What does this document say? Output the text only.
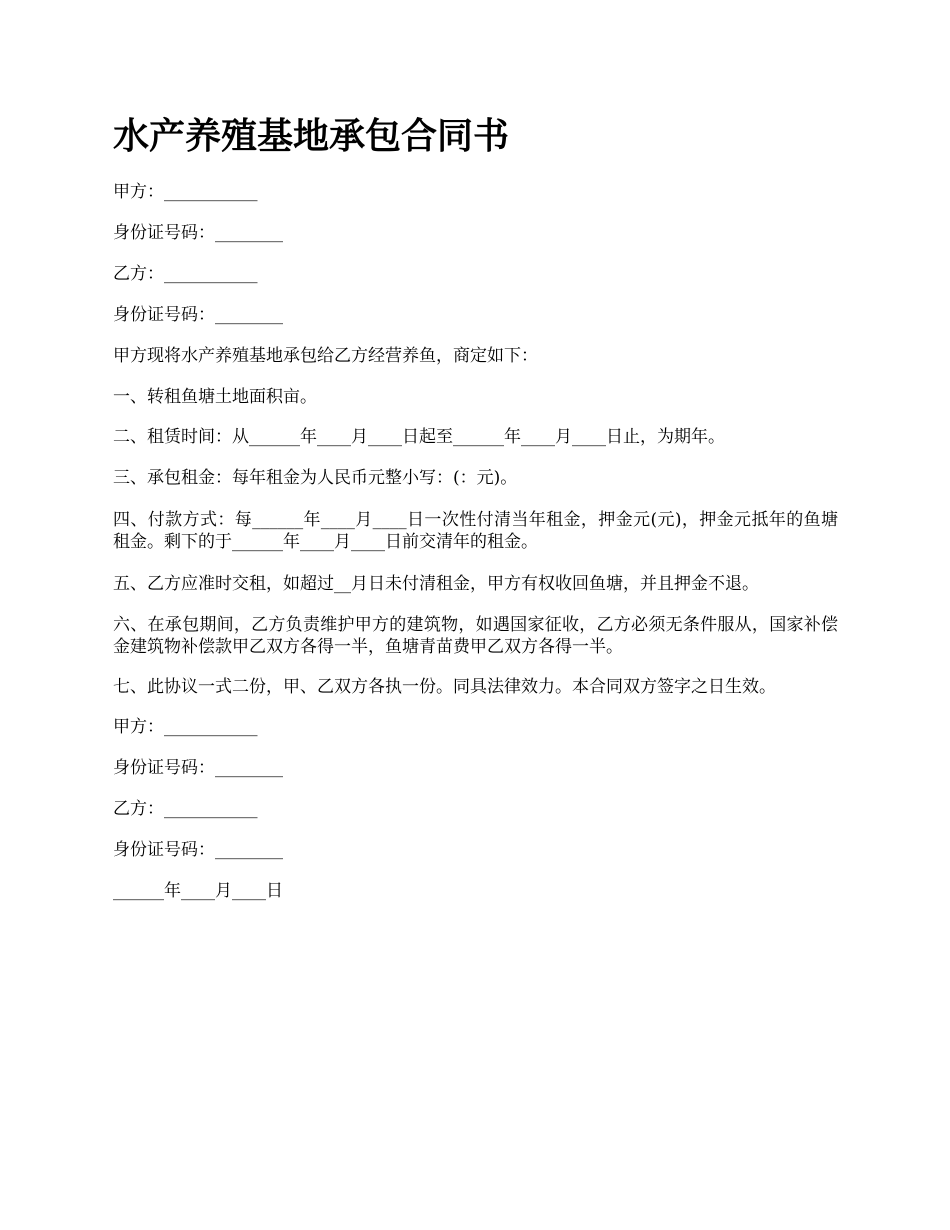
水产养殖基地承包合同书

甲方：___________

身份证号码：________

乙方：___________

身份证号码：________

甲方现将水产养殖基地承包给乙方经营养鱼，商定如下：

一、转租鱼塘土地面积亩。

二、租赁时间：从______年____月____日起至______年____月____日止，为期年。

三、承包租金：每年租金为人民币元整小写：(：元)。

四、付款方式：每______年____月____日一次性付清当年租金，押金元(元)，押金元抵年的鱼塘租金。剩下的于______年____月____日前交清年的租金。

五、乙方应准时交租，如超过__月日未付清租金，甲方有权收回鱼塘，并且押金不退。

六、在承包期间，乙方负责维护甲方的建筑物，如遇国家征收，乙方必须无条件服从，国家补偿金建筑物补偿款甲乙双方各得一半，鱼塘青苗费甲乙双方各得一半。

七、此协议一式二份，甲、乙双方各执一份。同具法律效力。本合同双方签字之日生效。

甲方：___________

身份证号码：________

乙方：___________

身份证号码：________

______年____月____日
